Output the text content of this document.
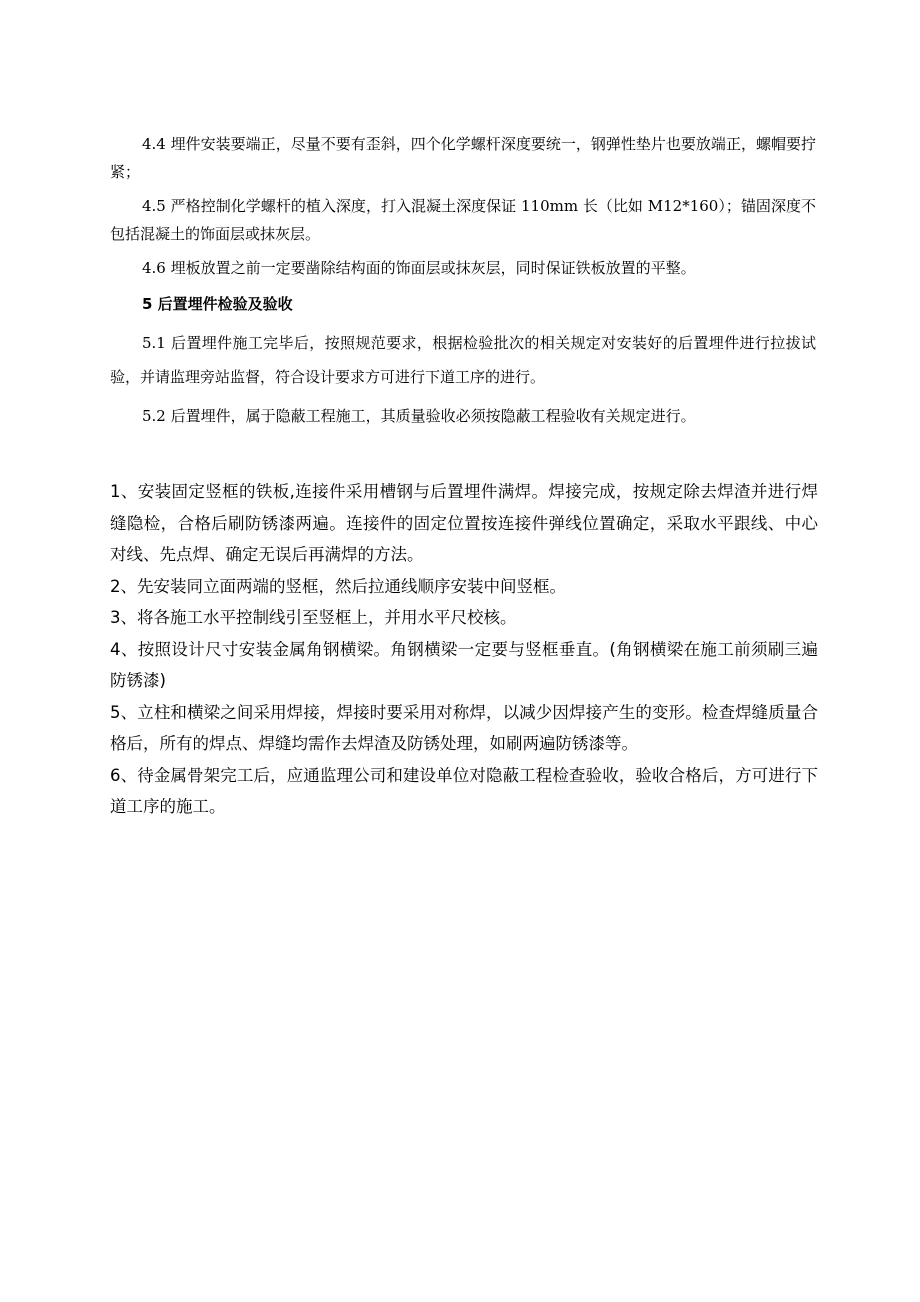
4.4 埋件安装要端正，尽量不要有歪斜，四个化学螺杆深度要统一，钢弹性垫片也要放端正，螺帽要拧紧；

4.5 严格控制化学螺杆的植入深度，打入混凝土深度保证 110mm 长（比如 M12*160）；锚固深度不包括混凝土的饰面层或抹灰层。

4.6 埋板放置之前一定要凿除结构面的饰面层或抹灰层，同时保证铁板放置的平整。

5 后置埋件检验及验收

5.1 后置埋件施工完毕后，按照规范要求，根据检验批次的相关规定对安装好的后置埋件进行拉拔试验，并请监理旁站监督，符合设计要求方可进行下道工序的进行。

5.2 后置埋件，属于隐蔽工程施工，其质量验收必须按隐蔽工程验收有关规定进行。

1、安装固定竖框的铁板,连接件采用槽钢与后置埋件满焊。焊接完成，按规定除去焊渣并进行焊缝隐检，合格后刷防锈漆两遍。连接件的固定位置按连接件弹线位置确定，采取水平跟线、中心对线、先点焊、确定无误后再满焊的方法。

2、先安装同立面两端的竖框，然后拉通线顺序安装中间竖框。

3、将各施工水平控制线引至竖框上，并用水平尺校核。

4、按照设计尺寸安装金属角钢横梁。角钢横梁一定要与竖框垂直。(角钢横梁在施工前须刷三遍防锈漆)

5、立柱和横梁之间采用焊接，焊接时要采用对称焊，以减少因焊接产生的变形。检查焊缝质量合格后，所有的焊点、焊缝均需作去焊渣及防锈处理，如刷两遍防锈漆等。

6、待金属骨架完工后，应通监理公司和建设单位对隐蔽工程检查验收，验收合格后，方可进行下道工序的施工。
